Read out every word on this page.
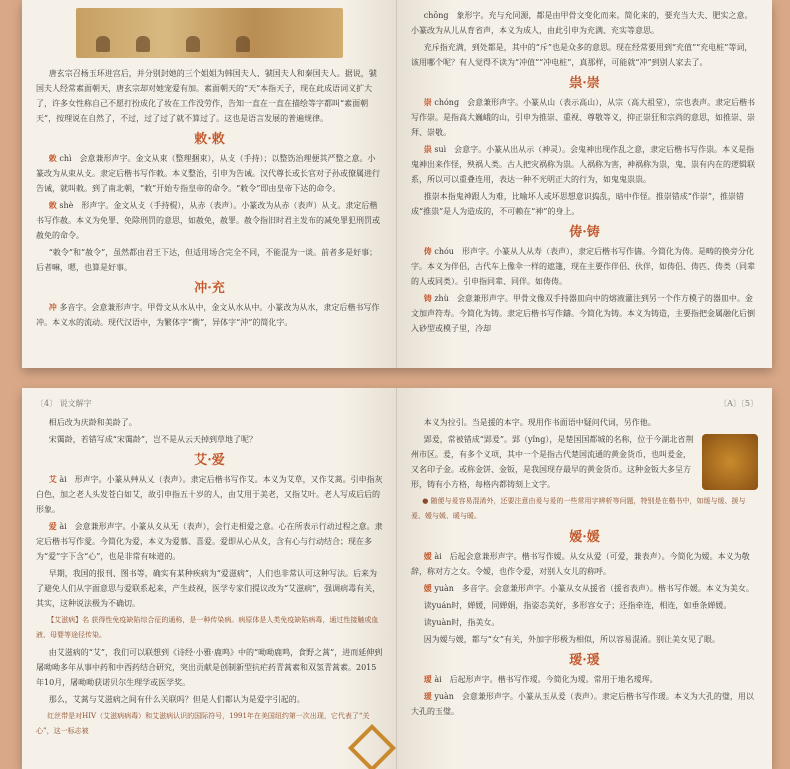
唐玄宗召杨玉环进宫后，并分别封她的三个姐姐为韩国夫人、虢国夫人和秦国夫人。据说，虢国夫人经常素面朝天，唐玄宗却对她宠爱有加。素面朝天的“天”本指天子，现在此成语词义扩大了，许多女性称自己不愿打扮成化了妆在工作没劳作，告知一直在一直在描绘等字都叫“素面朝天”，按理说在自然了，不过，过了过了就不算过了。这也是语言发展的普遍规律。

敕·敕

敕 chì　会意兼形声字。金文从束（整理捆束），从攴（手持）；以整饬治理便其严整之意。小篆改为从束从攴。隶定后楷书写作敕。本义整治，引申为告诫。汉代尊长或长官对子孙或僚属进行告诫，就叫敕。到了南北朝，“敕”开始专指皇帝的命令。“敕令”即由皇帝下达的命令。

敇 shè　形声字。金文从攴（手持棍），从赤（表声）。小篆改为从赤（表声）从攴。隶定后楷书写作赦。本义为免罪、免除刑罚的意思，如赦免，赦罪。赦令指旧时君主发布的减免罪犯刑罚或赦免的命令。

“敕令”和“赦令”，虽然都由君王下达，但适用场合完全不同，不能混为一谈。前者多是好事；后者嘛，嗯，也算是好事。

冲·充

冲 多音字。会意兼形声字。甲骨文从水从中，金文从水从中。小篆改为从水，隶定后楷书写作冲。本义水的流动。现代汉语中，为繁体字“衝”，异体字“沖”的简化字。

chōng　象形字。充与允同源，都是由甲骨文变化而来。简化来的，要充当大夫、肥实之意。小篆改为从儿从育省声，本义为成人，由此引申为充满、充实等意思。

充斥指充满，到处都是，其中的“斥”也是众多的意思。现在经常要用到“充值”“充电桩”等词，该用哪个呢？有人觉得不读为“冲值”“冲电桩”，真那样，可能就“冲”到别人家去了。

祟·崇

崇 chóng　会意兼形声字。小篆从山（表示高山），从宗（高大祖堂），宗也表声。隶定后楷书写作崇。是指高大巍峨的山，引申为推崇、重视、尊敬等义，抑正崇狂和宗尚的意思，如推崇、崇拜、崇敬。

祟 suì　会意字。小篆从出从示（神灵）。会鬼神出现作乱之意，隶定后楷书写作祟。本义是指鬼神出来作怪，殃祸人类。古人把灾祸称为祟。人祸称为害，神祸称为祟，鬼、祟有内在的逻辑联系，所以可以重叠连用，表达一种不光明正大的行为，如鬼鬼祟祟。

推崇本指鬼神跟人为难，比喻坏人或坏思想意识捣乱，暗中作怪。推崇错成“作崇”，推崇错成“推祟”是人为造成的，不可赖在“神”的身上。

俦·铸

俦 chóu　形声字。小篆从人从寿（表声），隶定后楷书写作儔。今简化为俦。是畴的换旁分化字。本义为伴侣，古代车上像伞一样的遮篷，现在主要作伴侣、伙伴，如俦侣、俦匹、俦类（同辈的人或同类）。引申指同辈、同伴。如俦俦。

铸 zhù　会意兼形声字。甲骨文像双手持器皿向中的熔液灌注到另一个作方模子的器皿中。金文加声符寿。今简化为铸。隶定后楷书写作鑄。今简化为铸。本义为铸造，主要指把金属融化后倒入砂型或模子里，冷却

〔4〕 说文解字

相后改为庆龄和美龄了。

宋霭龄，若错写成“宋霭龄”，岂不是从云天掉到草地了呢？

艾·爱

艾 ài　形声字。小篆从艸从乂（表声）。隶定后楷书写作艾。本义为艾草，又作艾蒿。引申指灰白色，加之老人头发苍白如艾，故引申指五十岁的人，由艾用于美老，又指艾叶。老人写成后后的形象。

爱 ài　会意兼形声字。小篆从夊从旡（表声），会行走相爱之意。心在所表示行动过程之意。隶定后楷书写作愛。今简化为爱，本义为爱慕、喜爱。爱即从心从夊，含有心与行动结合；现在多为“爱”字下含“心”，也是非常有味道的。

早期，我国的报刊、图书等，确实有某种疾病为“爱滋病”，人们也非常认可这种写法。后来为了避免人们从字面意思与爱联系起来，产生歧视，医学专家们提议改为“艾滋病”，强调病毒有关，其实，这种说法极为不确切。

【艾滋病】名 获得性免疫缺陷综合征的通称，是一种传染病。病原体是人类免疫缺陷病毒，通过性接触或血液、母婴等途径传染。

由艾滋病的“艾”，我们可以联想到《诗经·小雅·鹿鸣》中的“呦呦鹿鸣，食野之蒿”，进而延伸到屠呦呦多年从事中药和中西药结合研究，突出贡献是创制新型抗疟药青蒿素和双氢青蒿素。2015年10月，屠呦呦获诺贝尔生理学或医学奖。

那么，艾蒿与艾滋病之间有什么关联吗？但是人们都认为是爱字引起的。

红丝带是对HIV（艾滋病病毒）和艾滋病认识的国际符号，1991年在美国纽约第一次出现，它代表了“关心”，这一标志被

〔A〕〔5〕

本义为拉引。当是援的本字。现用作书面语中疑问代词，另作他。

郢爰，常被错成“郢爰”。郢（yǐng），是楚国国都城的名称，位于今湖北省荆州市区。爰，有多个义项，其中一个是指古代楚国流通的黄金货币，也叫爰金，又名印子金。或称金饼、金钣，是我国现存最早的黄金货币。这种金钣大多呈方形，铸有小方格，每格内都铸刻上文字。

● 随便与爰容易混淆外，还要注意由爰与爰的一些常用字辨析等问题，特别是在楷书中，如缓与缓、援与爰、嫒与媛、暖与暖。

嫒·媛

嫒 ài　后起会意兼形声字。楷书写作嫒。从女从爱（可爱，兼表声）。今简化为嫒。本义为敬辞，称对方之女。令嫒，也作令爱，对别人女儿的称呼。

媛 yuàn　多音字。会意兼形声字。小篆从女从援省（援省表声）。楷书写作媛。本义为美女。

读yuán时，婵媛，同婵娟，指姿态美好，多形容女子；还指牵连，相连，如垂条婵媛。

读yuàn时，指美女。

因为嫒与媛，都与“女”有关，外加字形极为相似，所以容易混淆。别让美女见了眼。

瑷·瑗

瑷 ài　后起形声字。楷书写作瑷。今简化为瑷。常用于地名瑷珲。

瑗 yuàn　会意兼形声字。小篆从玉从爰（表声）。隶定后楷书写作瑗。本义为大孔的璧，用以大孔的玉璧。
